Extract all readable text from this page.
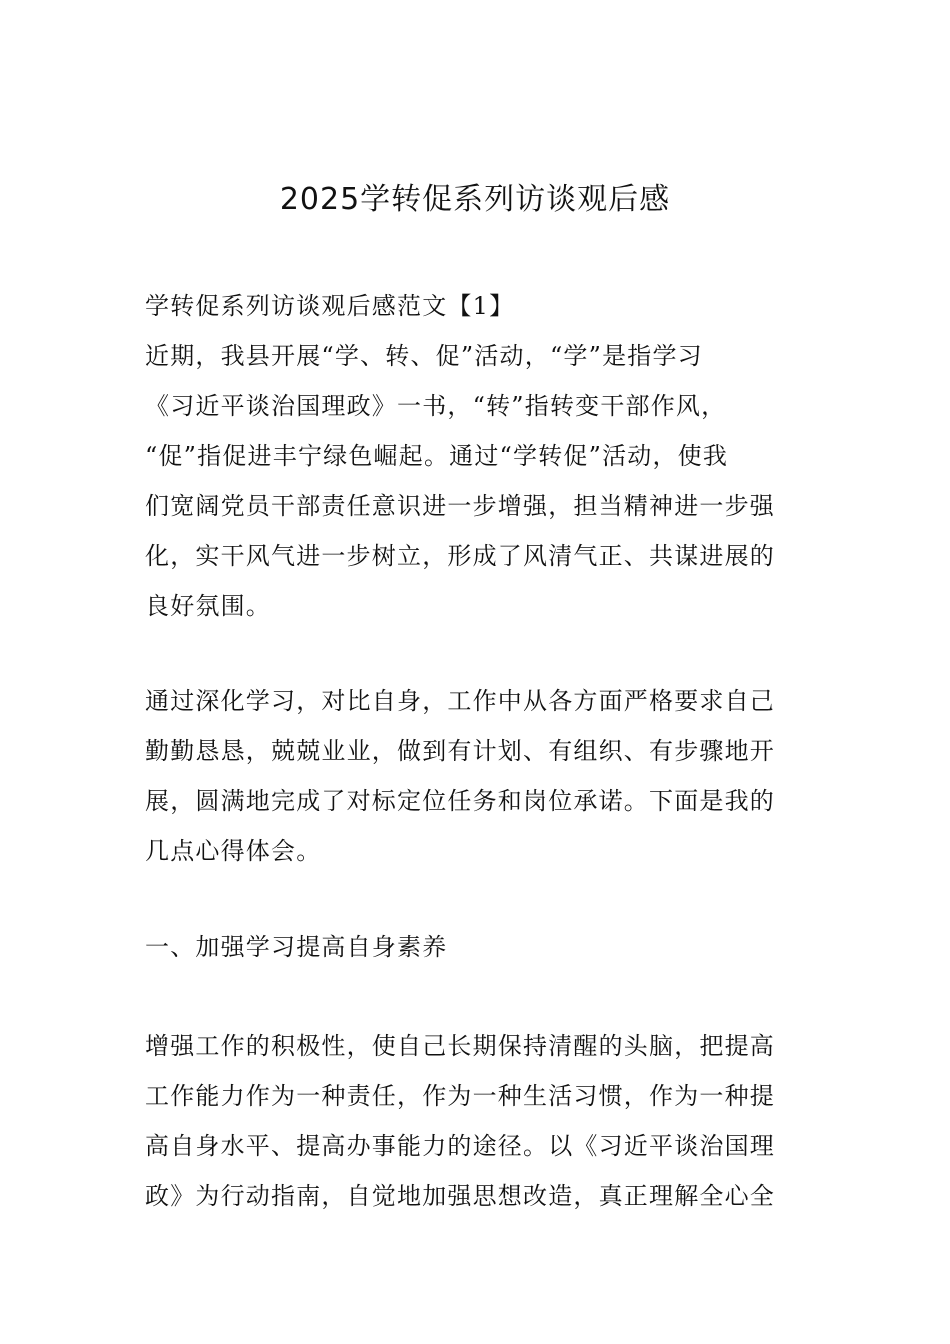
2025学转促系列访谈观后感

学转促系列访谈观后感范文【1】

近期，我县开展“学、转、促”活动，“学”是指学习
《习近平谈治国理政》一书，“转”指转变干部作风，
“促”指促进丰宁绿色崛起。通过“学转促”活动，使我
们宽阔党员干部责任意识进一步增强，担当精神进一步强
化，实干风气进一步树立，形成了风清气正、共谋进展的
良好氛围。

通过深化学习，对比自身，工作中从各方面严格要求自己
勤勤恳恳，兢兢业业，做到有计划、有组织、有步骤地开
展，圆满地完成了对标定位任务和岗位承诺。下面是我的
几点心得体会。

一、加强学习提高自身素养

增强工作的积极性，使自己长期保持清醒的头脑，把提高
工作能力作为一种责任，作为一种生活习惯，作为一种提
高自身水平、提高办事能力的途径。以《习近平谈治国理
政》为行动指南，自觉地加强思想改造，真正理解全心全
